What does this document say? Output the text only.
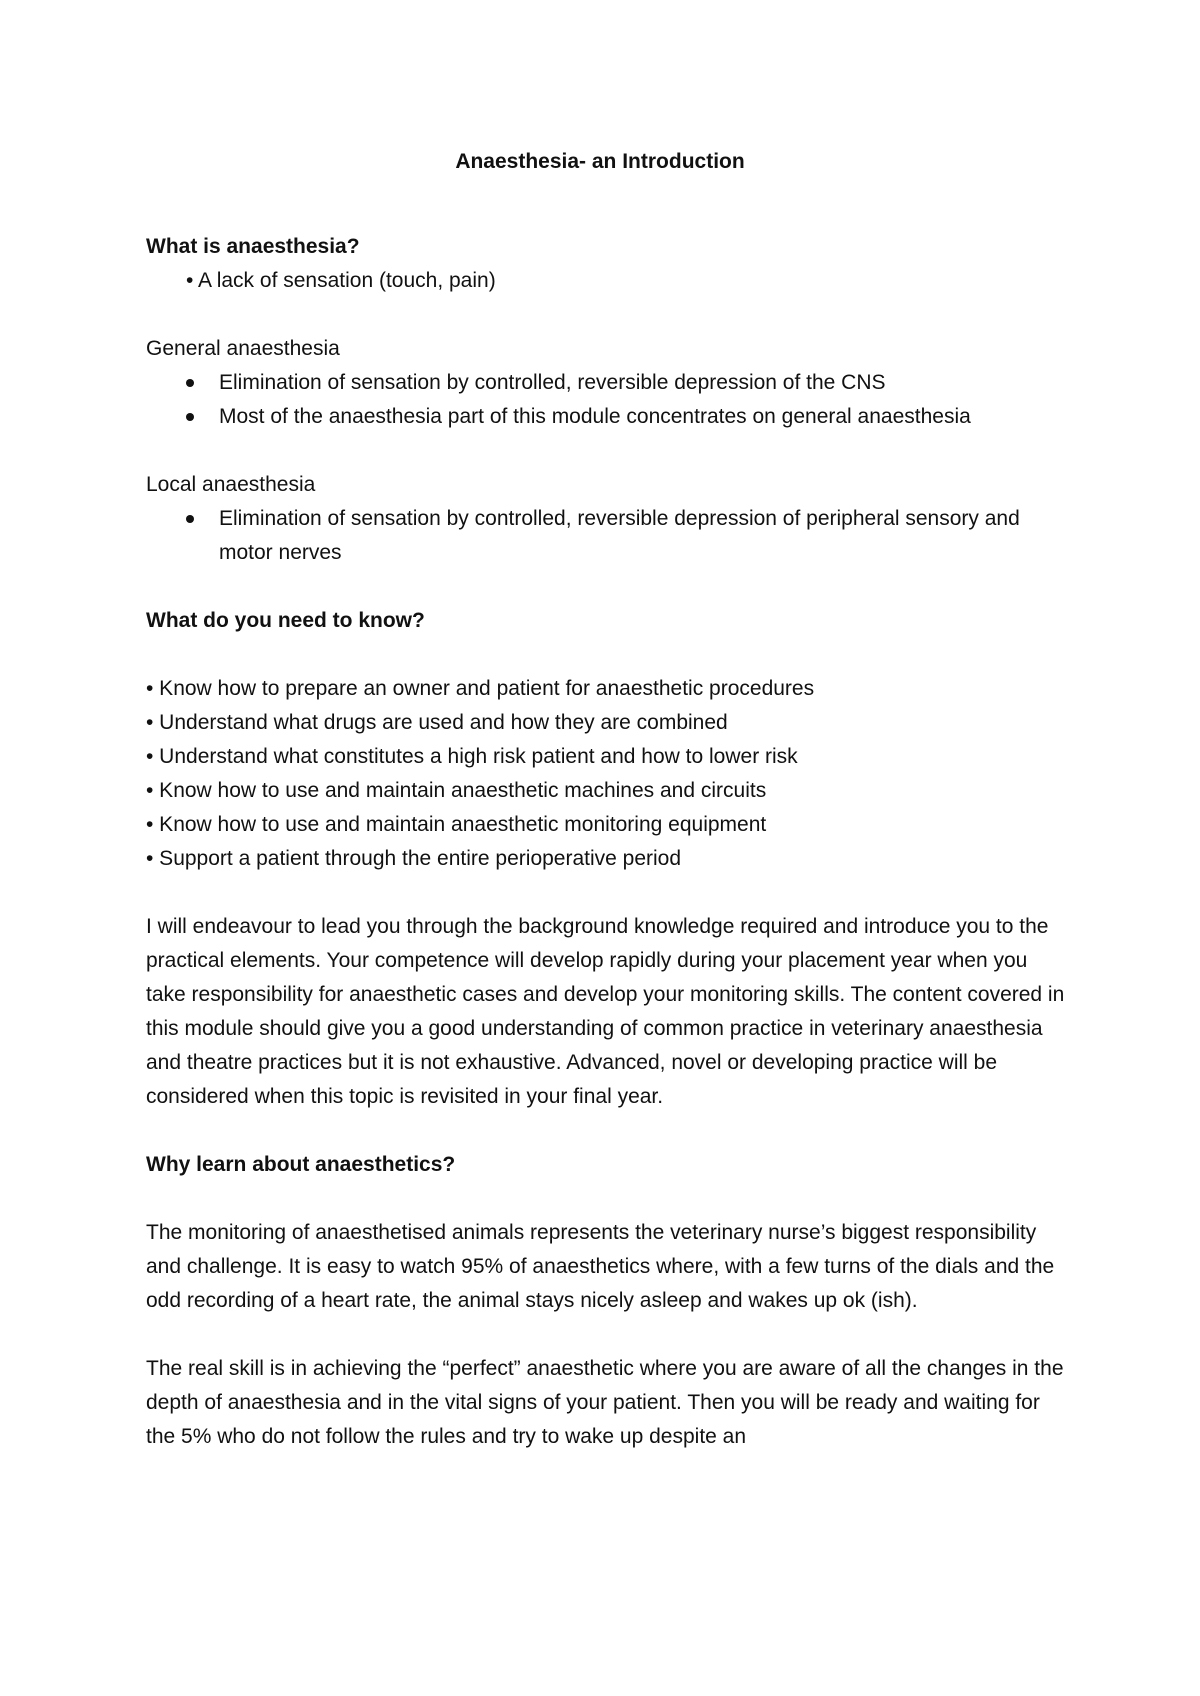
Anaesthesia- an Introduction

What is anaesthesia?

• A lack of sensation (touch, pain)

General anaesthesia

Elimination of sensation by controlled, reversible depression of the CNS
Most of the anaesthesia part of this module concentrates on general anaesthesia

Local anaesthesia

Elimination of sensation by controlled, reversible depression of peripheral sensory and motor nerves

What do you need to know?

• Know how to prepare an owner and patient for anaesthetic procedures
• Understand what drugs are used and how they are combined
• Understand what constitutes a high risk patient and how to lower risk
• Know how to use and maintain anaesthetic machines and circuits
• Know how to use and maintain anaesthetic monitoring equipment
• Support a patient through the entire perioperative period

I will endeavour to lead you through the background knowledge required and introduce you to the practical elements. Your competence will develop rapidly during your placement year when you take responsibility for anaesthetic cases and develop your monitoring skills. The content covered in this module should give you a good understanding of common practice in veterinary anaesthesia and theatre practices but it is not exhaustive. Advanced, novel or developing practice will be considered when this topic is revisited in your final year.

Why learn about anaesthetics?

The monitoring of anaesthetised animals represents the veterinary nurse’s biggest responsibility and challenge. It is easy to watch 95% of anaesthetics where, with a few turns of the dials and the odd recording of a heart rate, the animal stays nicely asleep and wakes up ok (ish).

The real skill is in achieving the “perfect” anaesthetic where you are aware of all the changes in the depth of anaesthesia and in the vital signs of your patient. Then you will be ready and waiting for the 5% who do not follow the rules and try to wake up despite an
